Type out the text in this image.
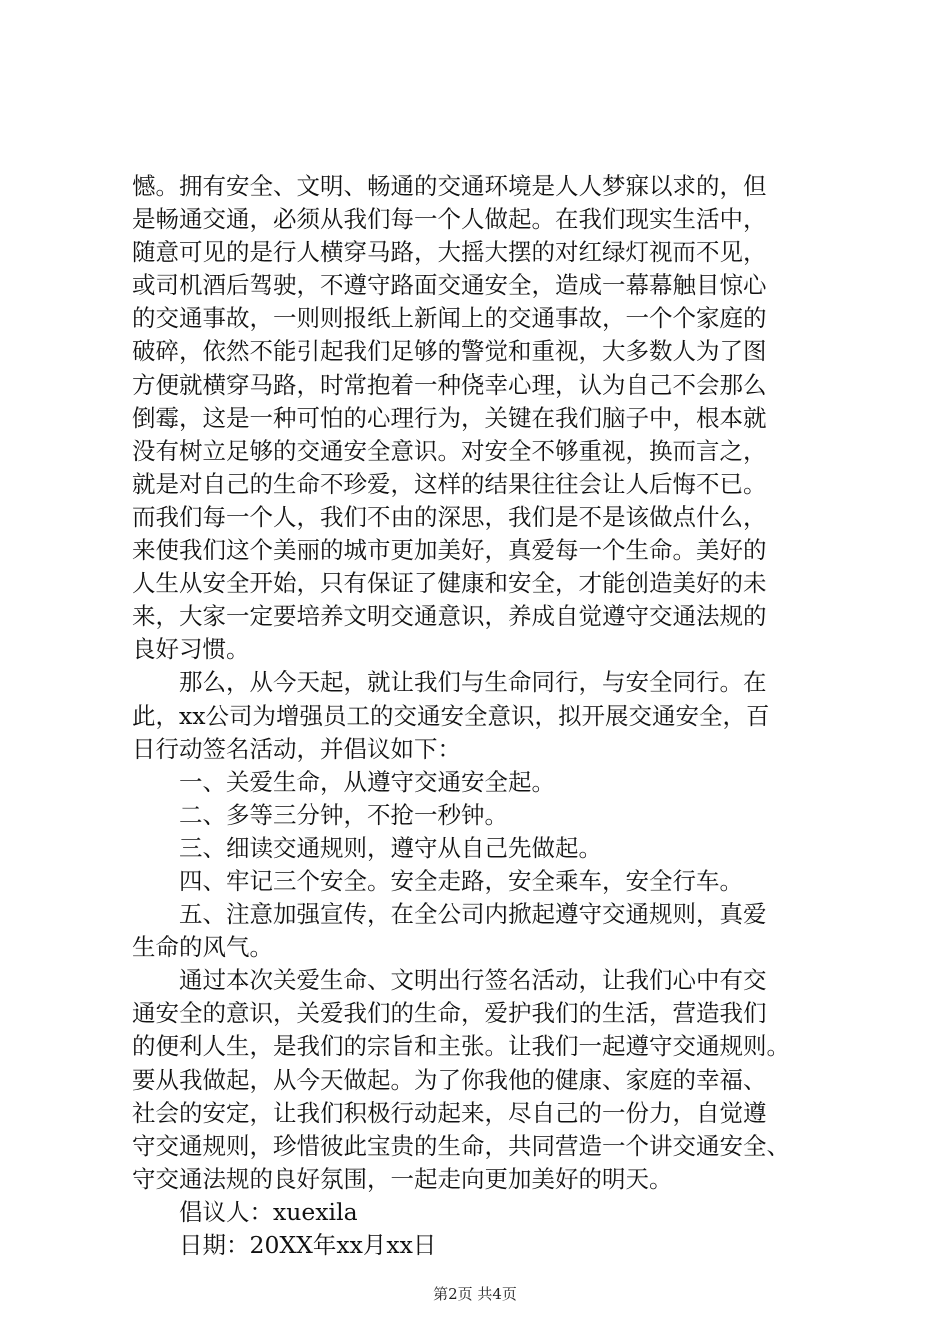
憾。拥有安全、文明、畅通的交通环境是人人梦寐以求的，但
是畅通交通，必须从我们每一个人做起。在我们现实生活中，
随意可见的是行人横穿马路，大摇大摆的对红绿灯视而不见，
或司机酒后驾驶，不遵守路面交通安全，造成一幕幕触目惊心
的交通事故，一则则报纸上新闻上的交通事故，一个个家庭的
破碎，依然不能引起我们足够的警觉和重视，大多数人为了图
方便就横穿马路，时常抱着一种侥幸心理，认为自己不会那么
倒霉，这是一种可怕的心理行为，关键在我们脑子中，根本就
没有树立足够的交通安全意识。对安全不够重视，换而言之，
就是对自己的生命不珍爱，这样的结果往往会让人后悔不已。
而我们每一个人，我们不由的深思，我们是不是该做点什么，
来使我们这个美丽的城市更加美好，真爱每一个生命。美好的
人生从安全开始，只有保证了健康和安全，才能创造美好的未
来，大家一定要培养文明交通意识，养成自觉遵守交通法规的
良好习惯。
那么，从今天起，就让我们与生命同行，与安全同行。在
此，xx公司为增强员工的交通安全意识，拟开展交通安全，百
日行动签名活动，并倡议如下：
一、关爱生命，从遵守交通安全起。
二、多等三分钟，不抢一秒钟。
三、细读交通规则，遵守从自己先做起。
四、牢记三个安全。安全走路，安全乘车，安全行车。
五、注意加强宣传，在全公司内掀起遵守交通规则，真爱
生命的风气。
通过本次关爱生命、文明出行签名活动，让我们心中有交
通安全的意识，关爱我们的生命，爱护我们的生活，营造我们
的便利人生，是我们的宗旨和主张。让我们一起遵守交通规则。
要从我做起，从今天做起。为了你我他的健康、家庭的幸福、
社会的安定，让我们积极行动起来，尽自己的一份力，自觉遵
守交通规则，珍惜彼此宝贵的生命，共同营造一个讲交通安全、
守交通法规的良好氛围，一起走向更加美好的明天。
倡议人：xuexila
日期：20XX年xx月xx日
第2页 共4页
